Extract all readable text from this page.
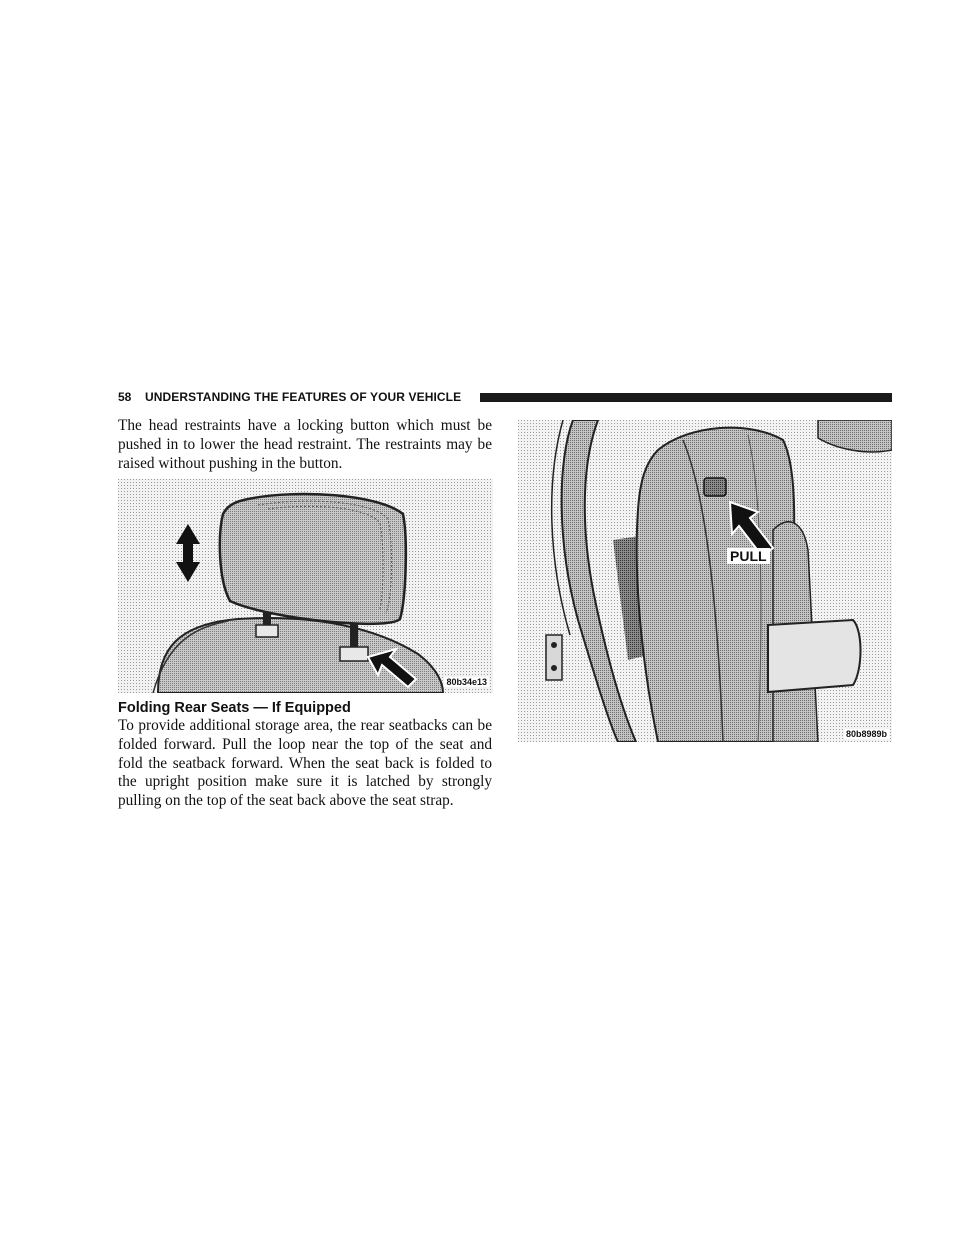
58 UNDERSTANDING THE FEATURES OF YOUR VEHICLE

The head restraints have a locking button which must be pushed in to lower the head restraint. The restraints may be raised without pushing in the button.

80b34e13
Folding Rear Seats — If Equipped

To provide additional storage area, the rear seatbacks can be folded forward. Pull the loop near the top of the seat and fold the seatback forward. When the seat back is folded to the upright position make sure it is latched by strongly pulling on the top of the seat back above the seat strap.

PULL
80b8989b
